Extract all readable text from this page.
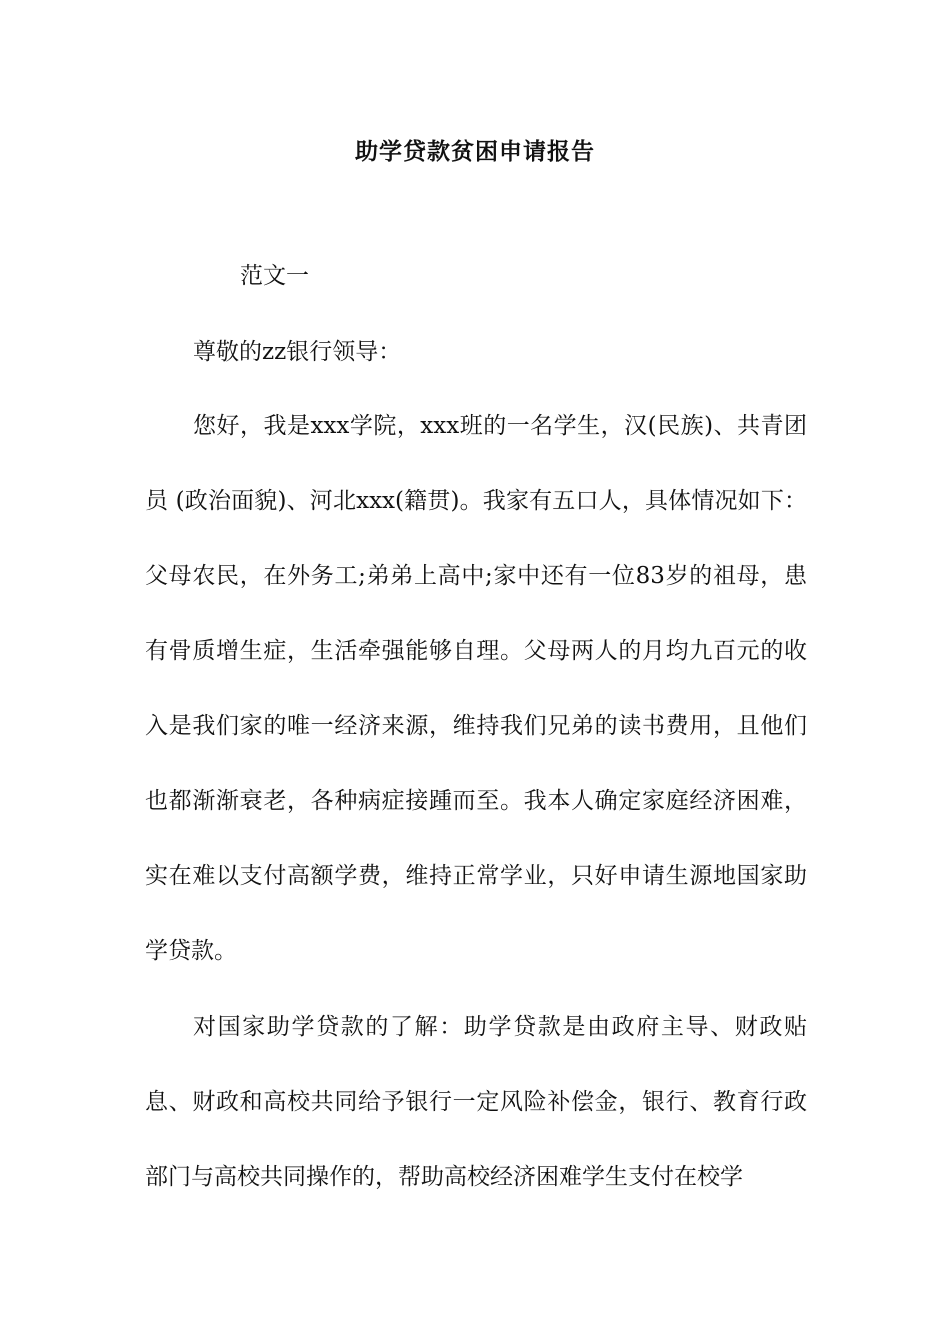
助学贷款贫困申请报告

范文一

尊敬的zz银行领导：

您好，我是xxx学院，xxx班的一名学生，汉(民族)、共青团员 (政治面貌)、河北xxx(籍贯)。我家有五口人，具体情况如下：父母农民，在外务工;弟弟上高中;家中还有一位83岁的祖母，患有骨质增生症，生活牵强能够自理。父母两人的月均九百元的收入是我们家的唯一经济来源，维持我们兄弟的读书费用，且他们也都渐渐衰老，各种病症接踵而至。我本人确定家庭经济困难，实在难以支付高额学费，维持正常学业，只好申请生源地国家助学贷款。

对国家助学贷款的了解：助学贷款是由政府主导、财政贴息、财政和高校共同给予银行一定风险补偿金，银行、教育行政部门与高校共同操作的，帮助高校经济困难学生支付在校学
